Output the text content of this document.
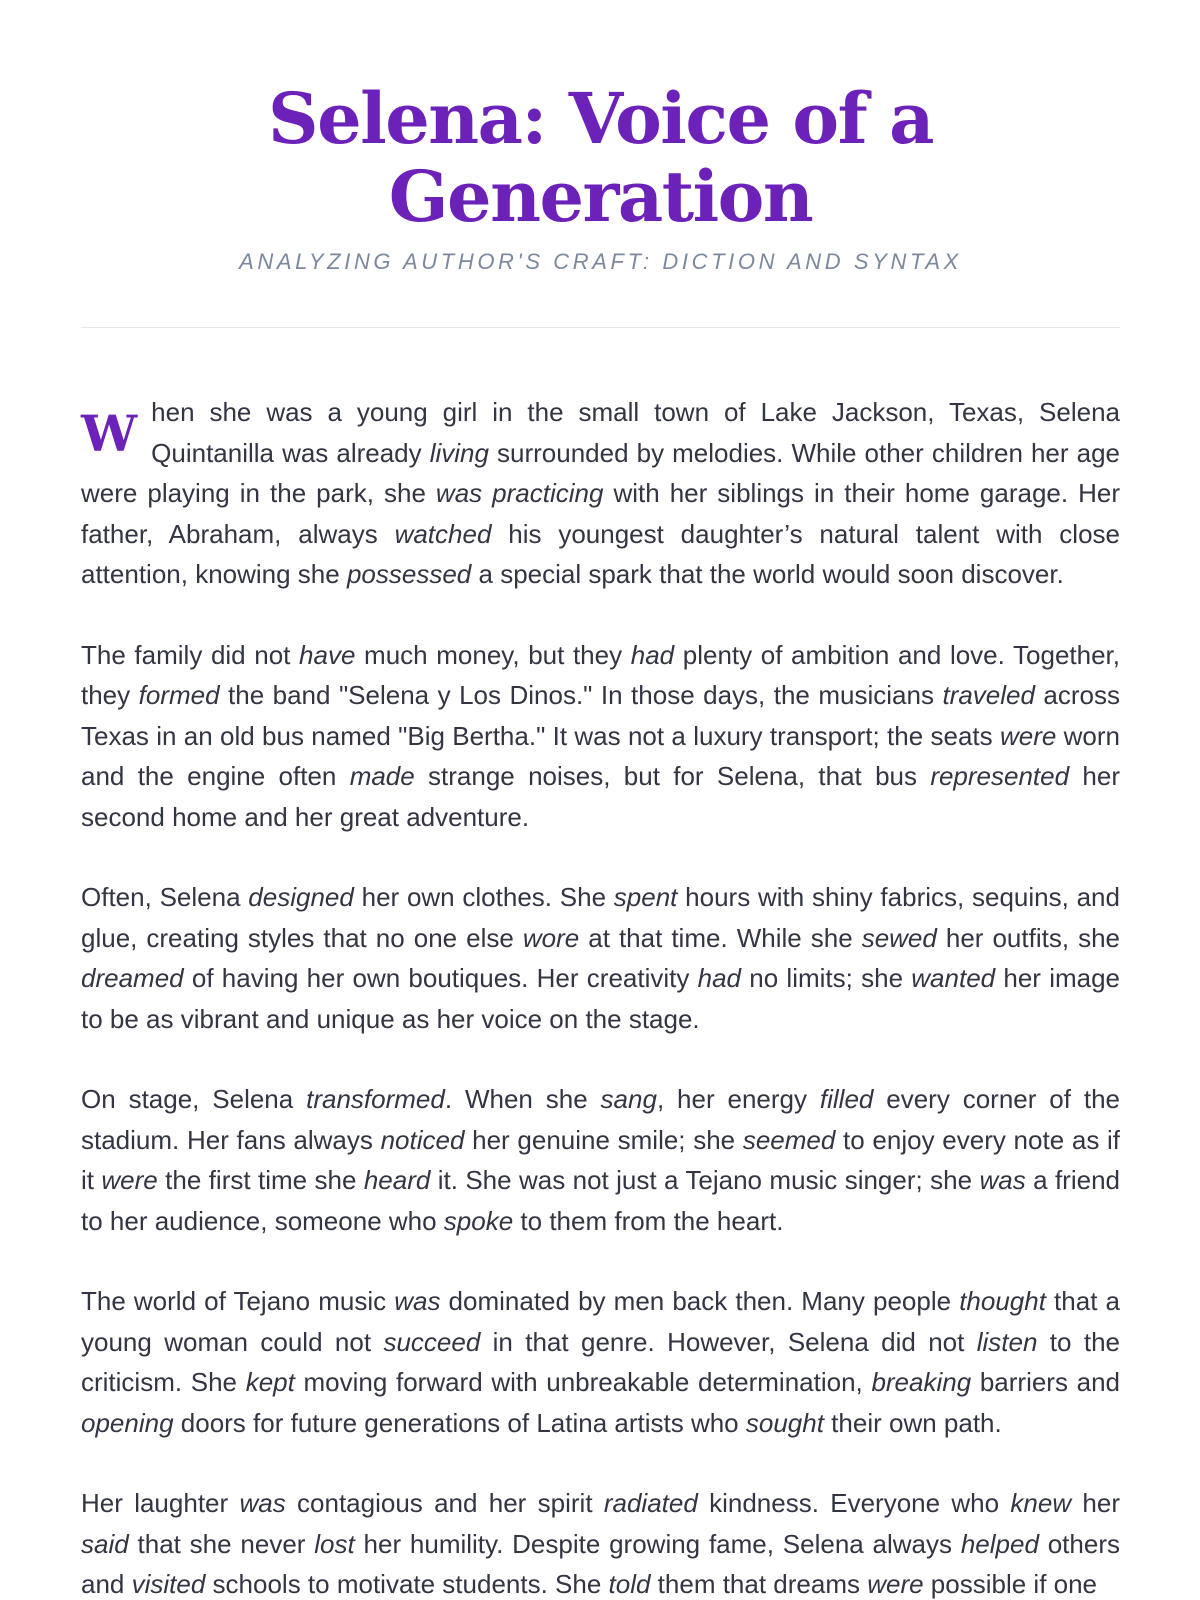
Selena: Voice of a Generation
ANALYZING AUTHOR'S CRAFT: DICTION AND SYNTAX

When she was a young girl in the small town of Lake Jackson, Texas, Selena Quintanilla was already living surrounded by melodies. While other children her age were playing in the park, she was practicing with her siblings in their home garage. Her father, Abraham, always watched his youngest daughter’s natural talent with close attention, knowing she possessed a special spark that the world would soon discover.

The family did not have much money, but they had plenty of ambition and love. Together, they formed the band "Selena y Los Dinos." In those days, the musicians traveled across Texas in an old bus named "Big Bertha." It was not a luxury transport; the seats were worn and the engine often made strange noises, but for Selena, that bus represented her second home and her great adventure.

Often, Selena designed her own clothes. She spent hours with shiny fabrics, sequins, and glue, creating styles that no one else wore at that time. While she sewed her outfits, she dreamed of having her own boutiques. Her creativity had no limits; she wanted her image to be as vibrant and unique as her voice on the stage.

On stage, Selena transformed. When she sang, her energy filled every corner of the stadium. Her fans always noticed her genuine smile; she seemed to enjoy every note as if it were the first time she heard it. She was not just a Tejano music singer; she was a friend to her audience, someone who spoke to them from the heart.

The world of Tejano music was dominated by men back then. Many people thought that a young woman could not succeed in that genre. However, Selena did not listen to the criticism. She kept moving forward with unbreakable determination, breaking barriers and opening doors for future generations of Latina artists who sought their own path.

Her laughter was contagious and her spirit radiated kindness. Everyone who knew her said that she never lost her humility. Despite growing fame, Selena always helped others and visited schools to motivate students. She told them that dreams were possible if one
